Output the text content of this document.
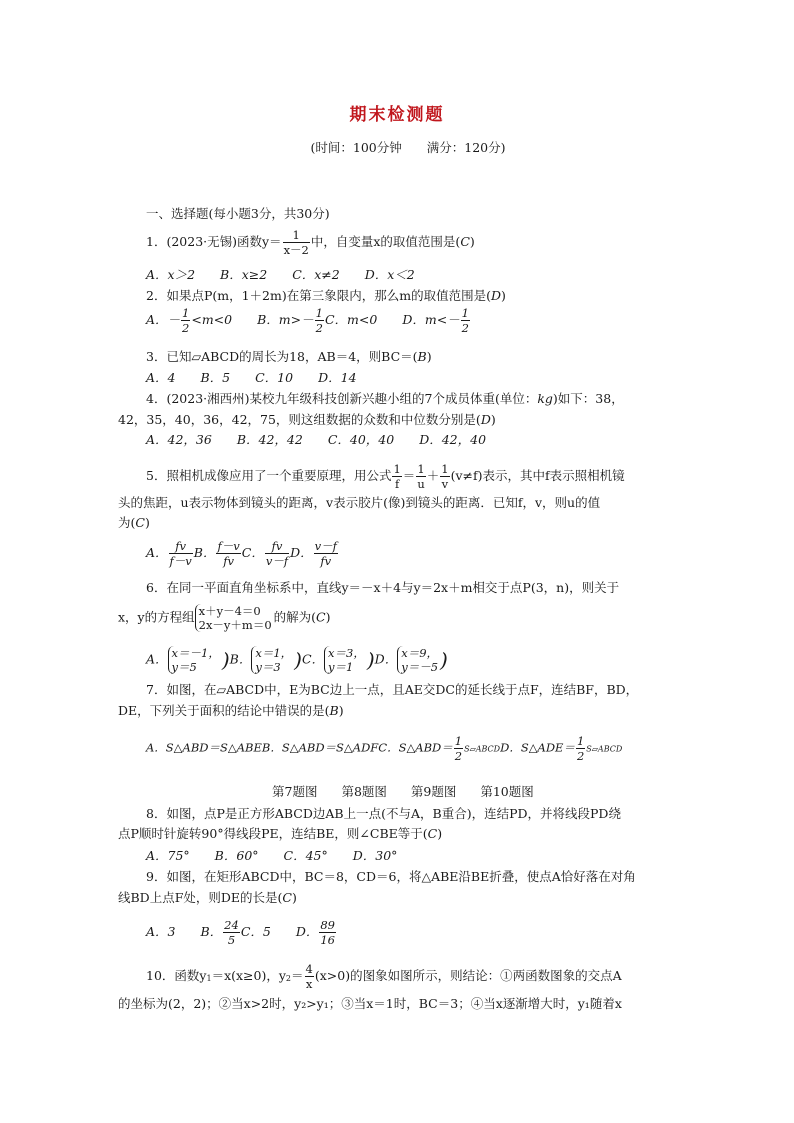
期末检测题
(时间：100分钟　　满分：120分)
一、选择题(每小题3分，共30分)
1．(2023·无锡)函数$y= \frac{1}{x-2}$ 中，自变量x的取值范围是(C)
A．x＞2　　B．x≥2　　C．x≠2　　D．x＜2
2．如果点P(m，1＋2m)在第三象限内，那么m的取值范围是(D)
A．－ $\frac{1}{2} <m<0$　　B．$m>- \frac{1}{2}$ C．m<0　　D．$m<- \frac{1}{2}$
3．已知▱ABCD的周长为18，AB＝4，则BC＝(B)
A．4　　B．5　　C．10　　D．14
4．(2023·湘西州)某校九年级科技创新兴趣小组的7个成员体重(单位：kg)如下：38，
42，35，40，36，42，75，则这组数据的众数和中位数分别是(D)
A．42，36　　B．42，42　　C．40，40　　D．42，40
5．照相机成像应用了一个重要原理，用公式 $\frac{1}{f} = \frac{1}{u} + \frac{1}{v} (v\ne f)$表示，其中f表示照相机镜
头的焦距，u表示物体到镜头的距离，v表示胶片(像)到镜头的距离．已知f，v，则u的值
为(C)
A． $\frac{fv}{f-v}$ B． $\frac{f-v}{fv}$ C． $\frac{fv}{v-f}$ D． $\frac{v-f}{fv}$
6．在同一平面直角坐标系中，直线y＝－x＋4与y＝2x＋m相交于点P(3，n)，则关于
x，y的方程组 x＋y－4＝0
2x－y＋m＝0
的解为(C)
A． x＝－1，
y＝5	)B． x＝1，
y＝3 )C． x＝3，
y＝1 )D． x＝9，
y＝－5 )
7．如图，在▱ABCD中，E为BC边上一点，且AE交DC的延长线于点F，连结BF，BD，
DE，下列关于面积的结论中错误的是(B)
A．S△ABD＝S△ABEB．S△ABD＝S△ADFC．S△ABD＝ $\frac{1}{2}$ S▱ABCDD．S△ADE＝ $\frac{1}{2}$ S▱ABCD
第7题图 第8题图 第9题图 第10题图
8．如图，点P是正方形ABCD边AB上一点(不与A，B重合)，连结PD，并将线段PD绕
点P顺时针旋转90°得线段PE，连结BE，则∠CBE等于(C)
A．75°　　B．60°　　C．45°　　D．30°
9．如图，在矩形ABCD中，BC＝8，CD＝6，将△ABE沿BE折叠，使点A恰好落在对角
线BD上点F处，则DE的长是(C)
A．3　　B． $\frac{24}{5}$ C．5　　D． $\frac{89}{16}$
10．函数$y_1=x(x\ge 0)$，$y_2= \frac{4}{x} (x>0)$的图象如图所示，则结论：①两函数图象的交点A
的坐标为(2，2)；②当x>2时，y₂>y₁；③当x＝1时，BC＝3；④当x逐渐增大时，y₁随着x
